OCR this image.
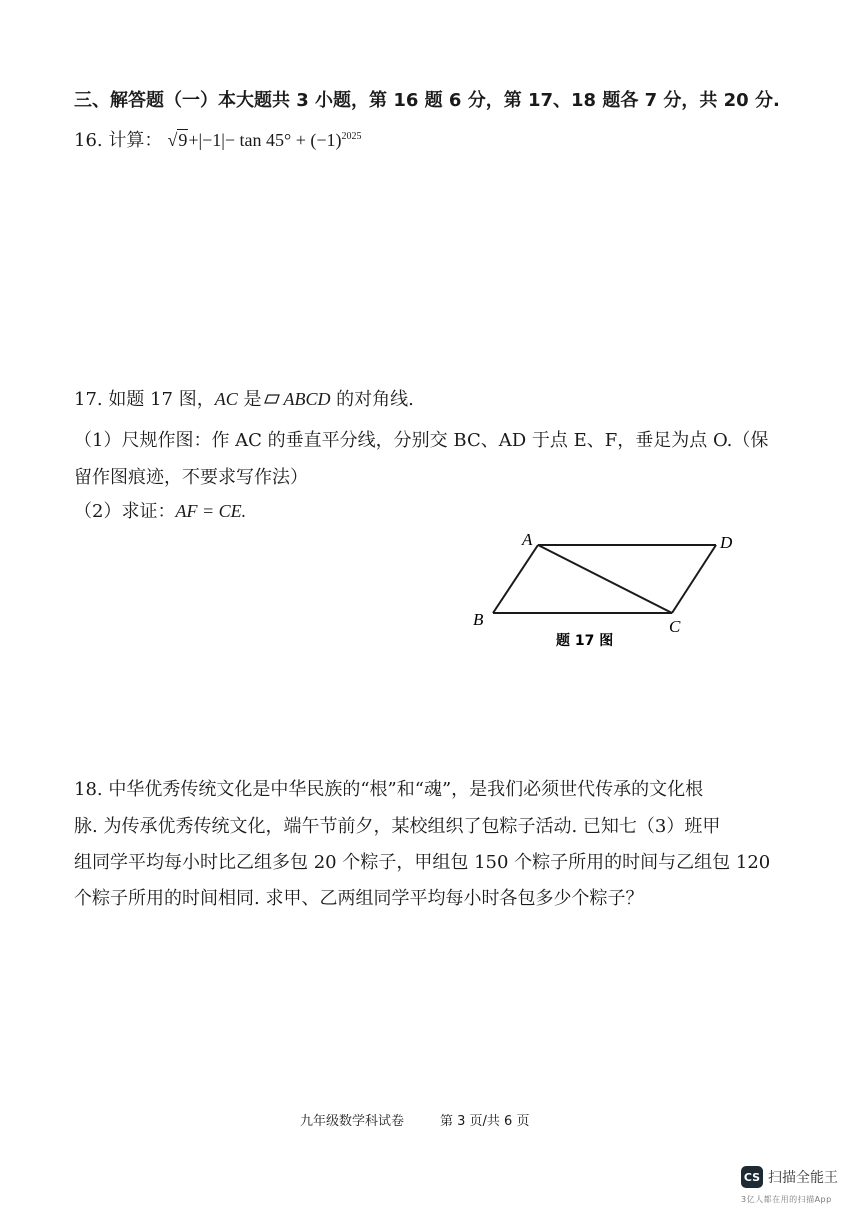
三、解答题（一）本大题共 3 小题，第 16 题 6 分，第 17、18 题各 7 分，共 20 分.
16. 计算： $√9+|-1|- \tan 45^\circ + (-1)^{2025}$
17. 如题 17 图，AC 是 ABCD 的对角线.
（1）尺规作图：作 AC 的垂直平分线，分别交 BC、AD 于点 E、F，垂足为点 O.（保
留作图痕迹，不要求写作法）
（2）求证：AF = CE.
A	D
B	C
题 17 图
18. 中华优秀传统文化是中华民族的“根”和“魂”，是我们必须世代传承的文化根
脉. 为传承优秀传统文化，端午节前夕，某校组织了包粽子活动. 已知七（3）班甲
组同学平均每小时比乙组多包 20 个粽子，甲组包 150 个粽子所用的时间与乙组包 120
个粽子所用的时间相同. 求甲、乙两组同学平均每小时各包多少个粽子？
九年级数学科试卷	第 3 页/共 6 页
CS 扫描全能王
3亿人都在用的扫描App
